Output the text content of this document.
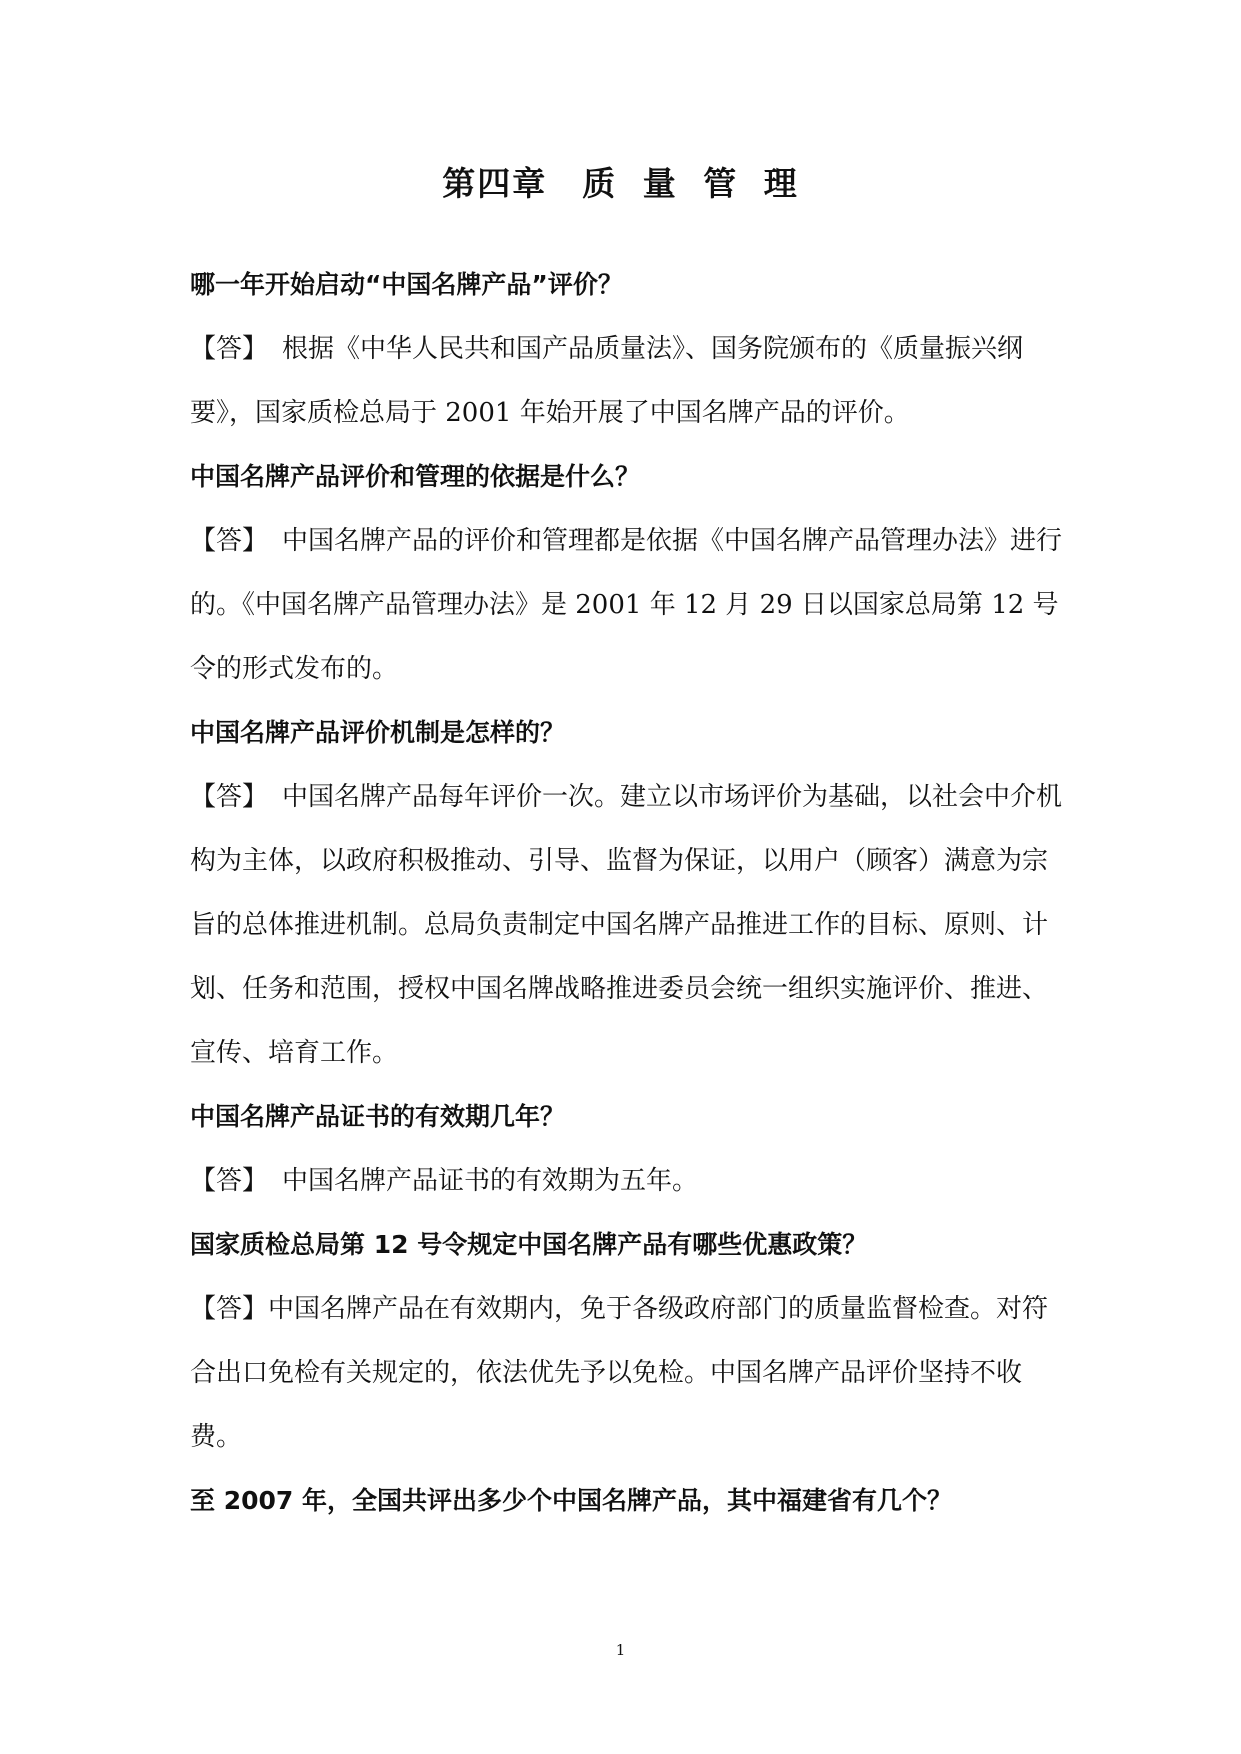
第四章　质 量 管 理

哪一年开始启动“中国名牌产品”评价？

【答】 根据《中华人民共和国产品质量法》、国务院颁布的《质量振兴纲要》，国家质检总局于 2001 年始开展了中国名牌产品的评价。

中国名牌产品评价和管理的依据是什么？

【答】 中国名牌产品的评价和管理都是依据《中国名牌产品管理办法》进行的。《中国名牌产品管理办法》是 2001 年 12 月 29 日以国家总局第 12 号令的形式发布的。

中国名牌产品评价机制是怎样的？

【答】 中国名牌产品每年评价一次。建立以市场评价为基础，以社会中介机构为主体，以政府积极推动、引导、监督为保证，以用户（顾客）满意为宗旨的总体推进机制。总局负责制定中国名牌产品推进工作的目标、原则、计划、任务和范围，授权中国名牌战略推进委员会统一组织实施评价、推进、宣传、培育工作。

中国名牌产品证书的有效期几年？

【答】 中国名牌产品证书的有效期为五年。

国家质检总局第 12 号令规定中国名牌产品有哪些优惠政策？

【答】中国名牌产品在有效期内，免于各级政府部门的质量监督检查。对符合出口免检有关规定的，依法优先予以免检。中国名牌产品评价坚持不收费。

至 2007 年，全国共评出多少个中国名牌产品，其中福建省有几个？

1
